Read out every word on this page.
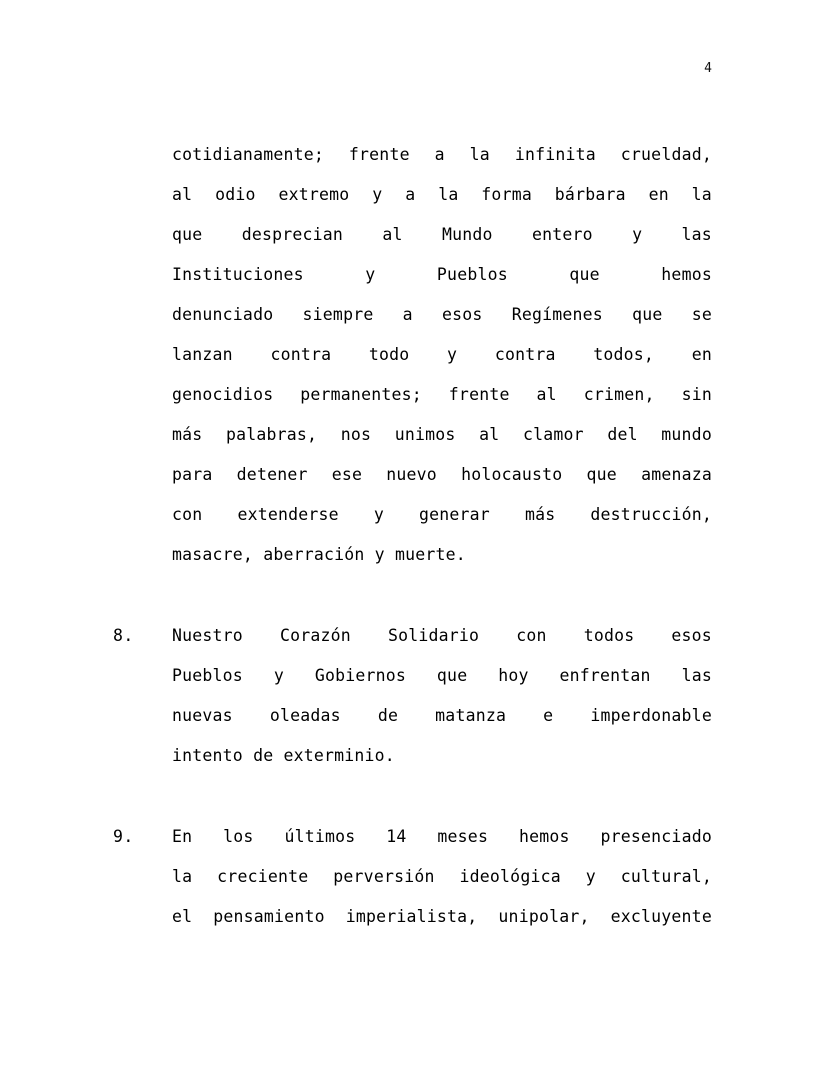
4
cotidianamente; frente a la infinita crueldad,
al odio extremo y a la forma bárbara en la
que desprecian al Mundo entero y las
Instituciones	y	Pueblos	que	hemos
denunciado siempre a esos Regímenes que se
lanzan contra todo y contra todos, en
genocidios permanentes; frente al crimen, sin
más palabras, nos unimos al clamor del mundo
para detener ese nuevo holocausto que amenaza
con extenderse y generar más destrucción,
masacre, aberración y muerte.
8. Nuestro Corazón Solidario con todos esos
Pueblos y Gobiernos que hoy enfrentan las
nuevas oleadas de matanza e imperdonable
intento de exterminio.
9. En los últimos 14 meses hemos presenciado
la creciente perversión ideológica y cultural,
el pensamiento imperialista, unipolar, excluyente
